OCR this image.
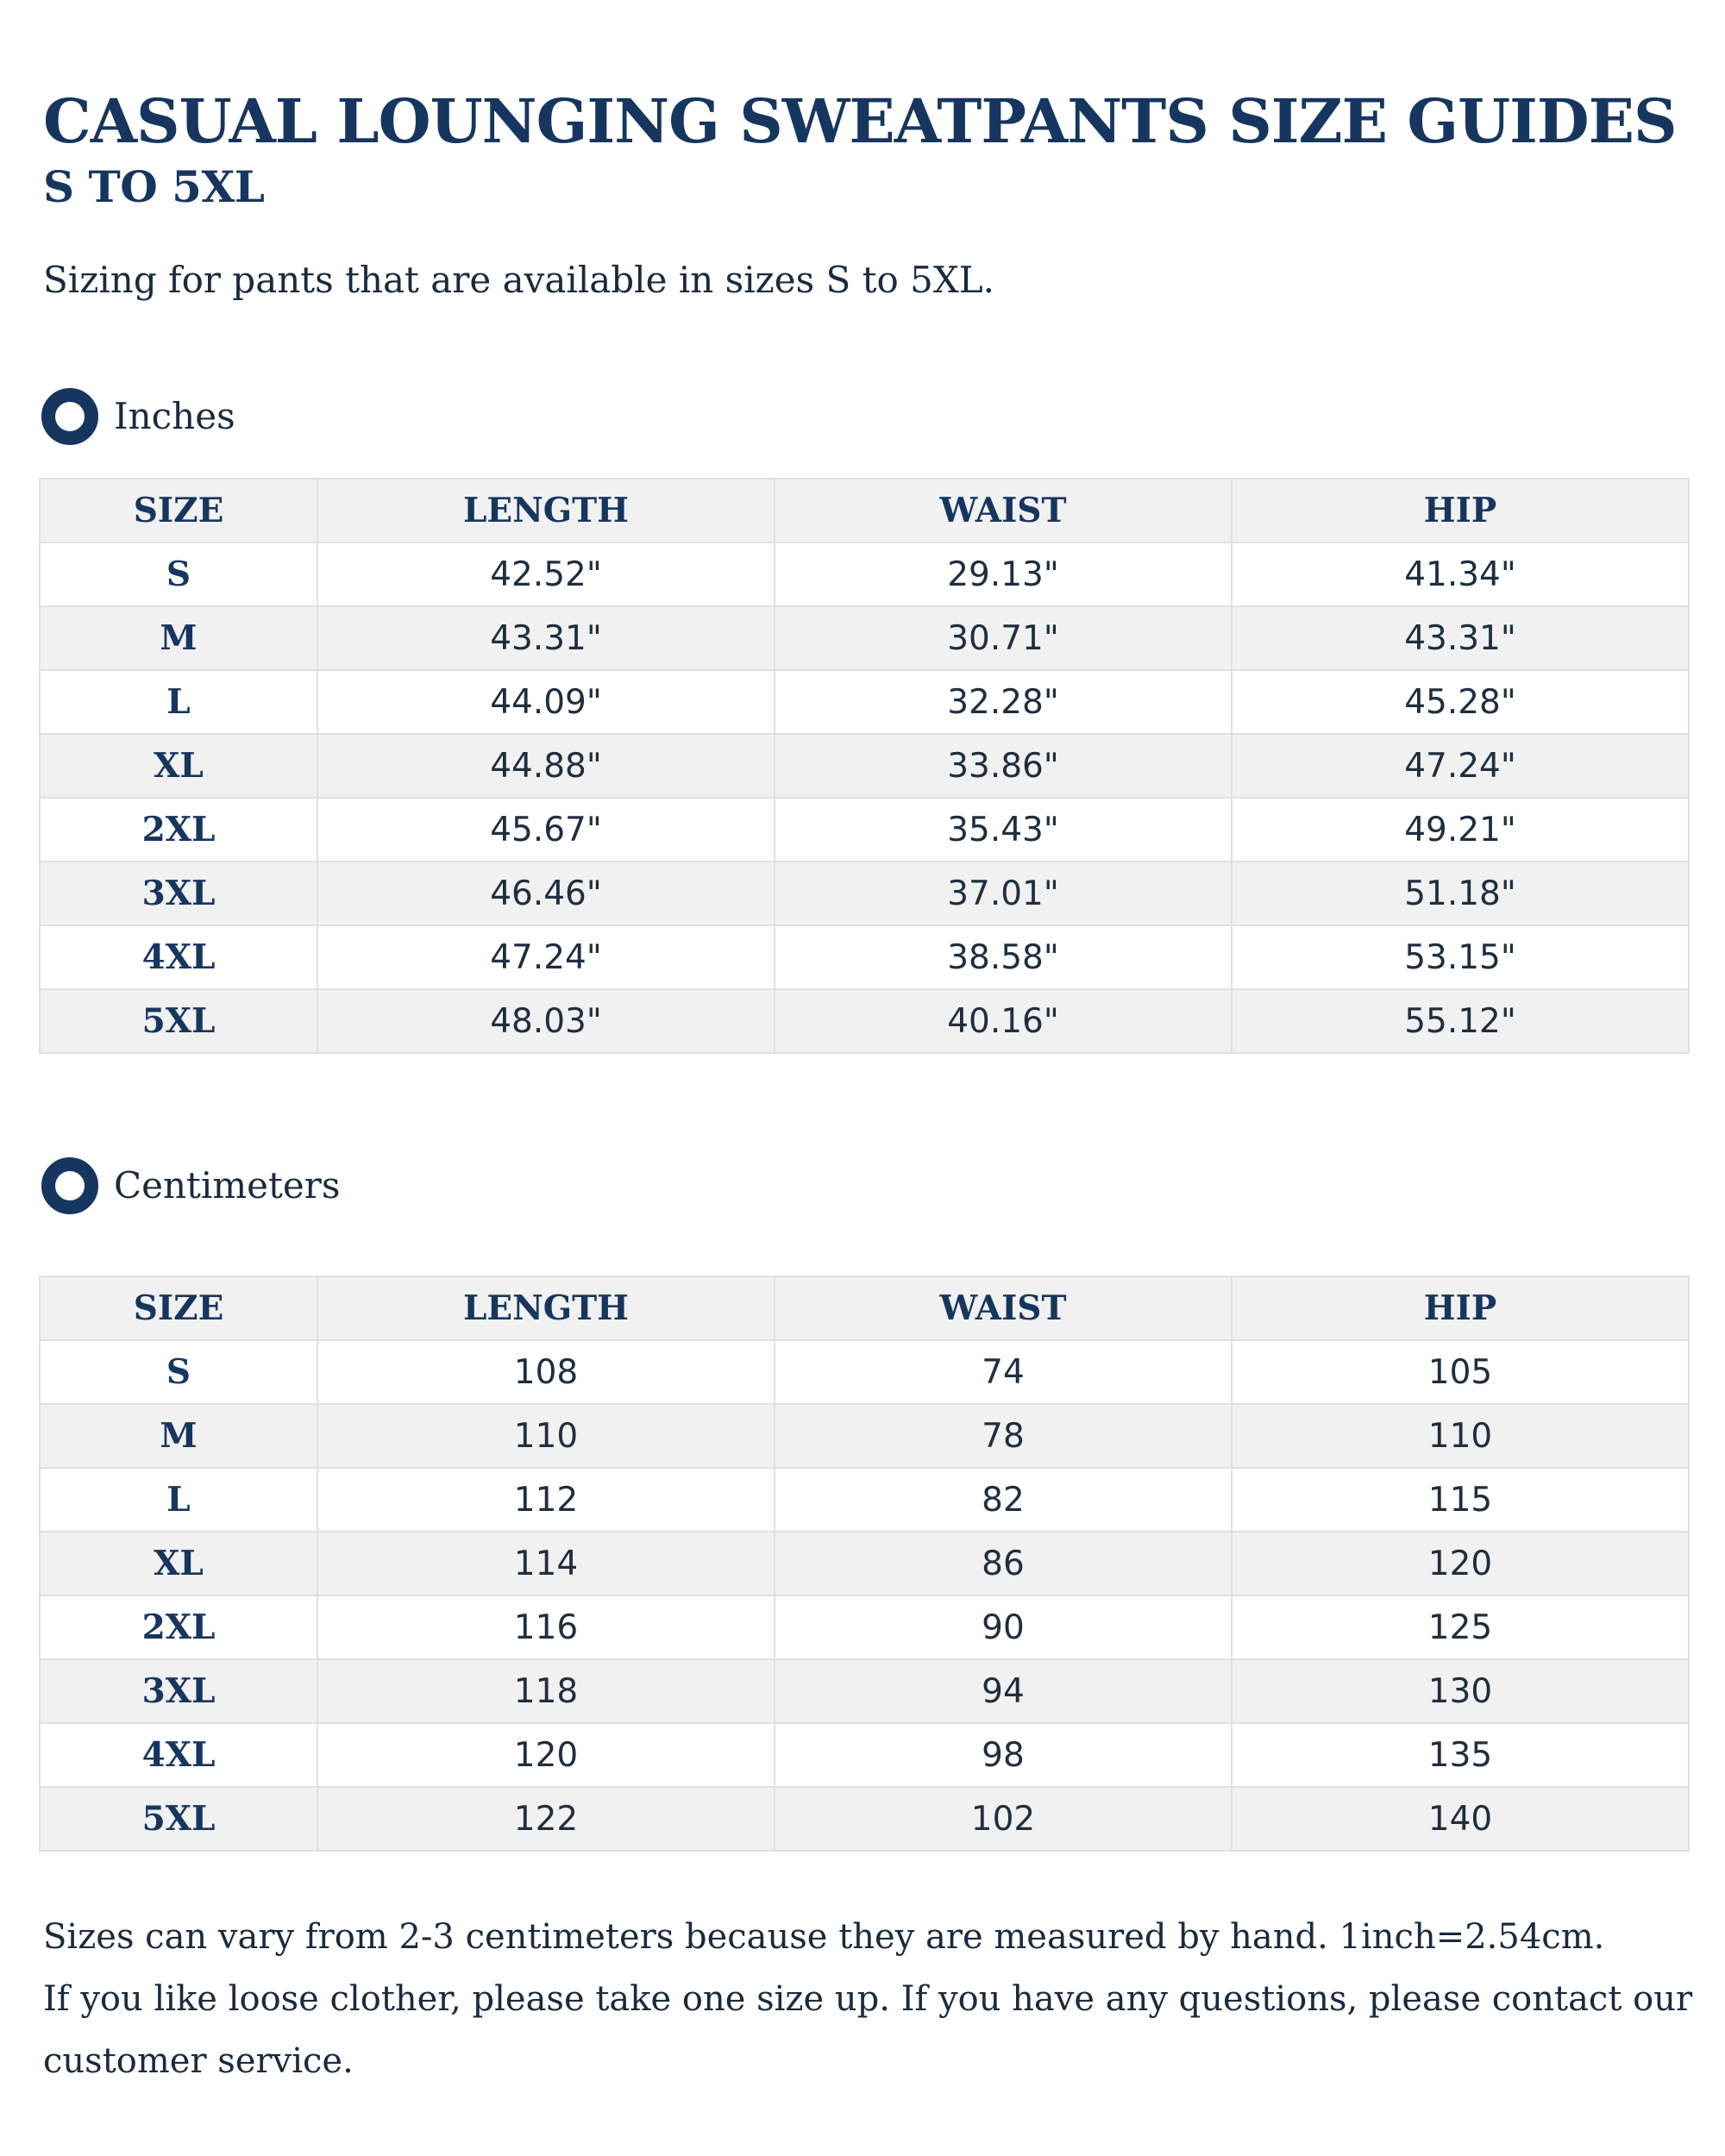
CASUAL LOUNGING SWEATPANTS SIZE GUIDES
S TO 5XL

Sizing for pants that are available in sizes S to 5XL.

Inches
SIZE	LENGTH	WAIST	HIP
S	42.52"	29.13"	41.34"
M	43.31"	30.71"	43.31"
L	44.09"	32.28"	45.28"
XL	44.88"	33.86"	47.24"
2XL	45.67"	35.43"	49.21"
3XL	46.46"	37.01"	51.18"
4XL	47.24"	38.58"	53.15"
5XL	48.03"	40.16"	55.12"
Centimeters
SIZE	LENGTH	WAIST	HIP
S	108	74	105
M	110	78	110
L	112	82	115
XL	114	86	120
2XL	116	90	125
3XL	118	94	130
4XL	120	98	135
5XL	122	102	140

Sizes can vary from 2-3 centimeters because they are measured by hand. 1inch=2.54cm.
If you like loose clother, please take one size up. If you have any questions, please contact our
customer service.
